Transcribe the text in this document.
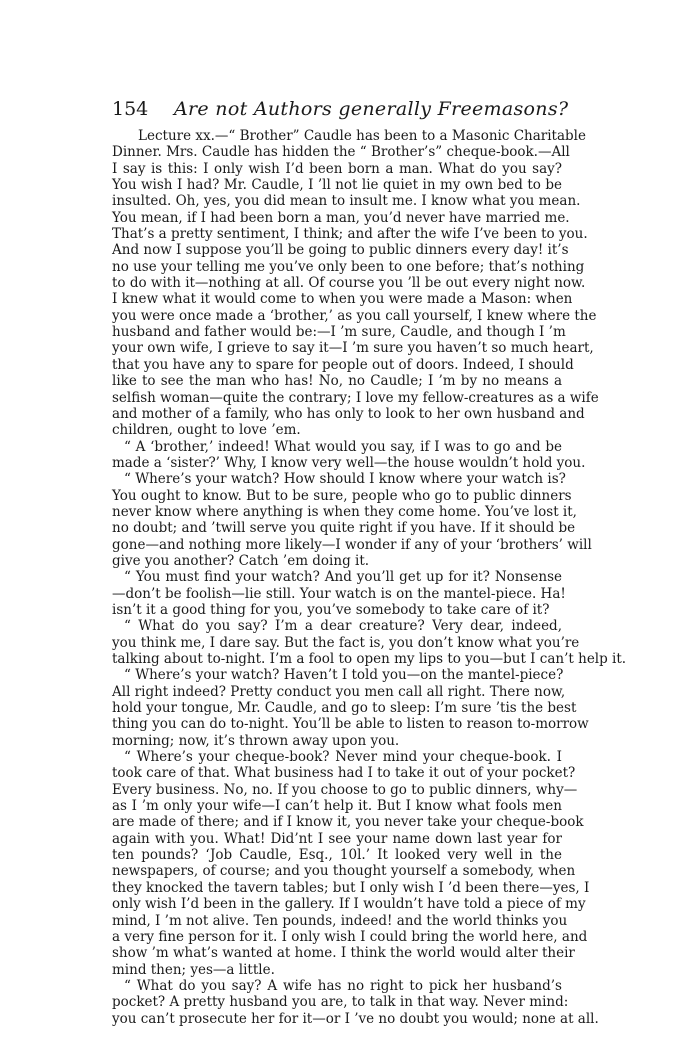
154 Are not Authors generally Freemasons?
Lecture xx.—“ Brother” Caudle has been to a Masonic Charitable
Dinner. Mrs. Caudle has hidden the “ Brother’s” cheque-book.—All
I say is this: I only wish I’d been born a man. What do you say?
You wish I had? Mr. Caudle, I ’ll not lie quiet in my own bed to be
insulted. Oh, yes, you did mean to insult me. I know what you mean.
You mean, if I had been born a man, you’d never have married me.
That’s a pretty sentiment, I think; and after the wife I’ve been to you.
And now I suppose you’ll be going to public dinners every day! it’s
no use your telling me you’ve only been to one before; that’s nothing
to do with it—nothing at all. Of course you ’ll be out every night now.
I knew what it would come to when you were made a Mason: when
you were once made a ‘brother,’ as you call yourself, I knew where the
husband and father would be:—I ’m sure, Caudle, and though I ’m
your own wife, I grieve to say it—I ’m sure you haven’t so much heart,
that you have any to spare for people out of doors. Indeed, I should
like to see the man who has! No, no Caudle; I ’m by no means a
selfish woman—quite the contrary; I love my fellow-creatures as a wife
and mother of a family, who has only to look to her own husband and
children, ought to love ’em.
“ A ‘brother,’ indeed! What would you say, if I was to go and be
made a ‘sister?’ Why, I know very well—the house wouldn’t hold you.
“ Where’s your watch? How should I know where your watch is?
You ought to know. But to be sure, people who go to public dinners
never know where anything is when they come home. You’ve lost it,
no doubt; and ’twill serve you quite right if you have. If it should be
gone—and nothing more likely—I wonder if any of your ‘brothers’ will
give you another? Catch ’em doing it.
“ You must find your watch? And you’ll get up for it? Nonsense
—don’t be foolish—lie still. Your watch is on the mantel-piece. Ha!
isn’t it a good thing for you, you’ve somebody to take care of it?
“ What do you say? I’m a dear creature? Very dear, indeed,
you think me, I dare say. But the fact is, you don’t know what you’re
talking about to-night. I’m a fool to open my lips to you—but I can’t help it.
“ Where’s your watch? Haven’t I told you—on the mantel-piece?
All right indeed? Pretty conduct you men call all right. There now,
hold your tongue, Mr. Caudle, and go to sleep: I’m sure ’tis the best
thing you can do to-night. You’ll be able to listen to reason to-morrow
morning; now, it’s thrown away upon you.
“ Where’s your cheque-book? Never mind your cheque-book. I
took care of that. What business had I to take it out of your pocket?
Every business. No, no. If you choose to go to public dinners, why—
as I ’m only your wife—I can’t help it. But I know what fools men
are made of there; and if I know it, you never take your cheque-book
again with you. What! Did’nt I see your name down last year for
ten pounds? ‘Job Caudle, Esq., 10l.’ It looked very well in the
newspapers, of course; and you thought yourself a somebody, when
they knocked the tavern tables; but I only wish I ’d been there—yes, I
only wish I’d been in the gallery. If I wouldn’t have told a piece of my
mind, I ’m not alive. Ten pounds, indeed! and the world thinks you
a very fine person for it. I only wish I could bring the world here, and
show ’m what’s wanted at home. I think the world would alter their
mind then; yes—a little.
“ What do you say? A wife has no right to pick her husband’s
pocket? A pretty husband you are, to talk in that way. Never mind:
you can’t prosecute her for it—or I ’ve no doubt you would; none at all.
